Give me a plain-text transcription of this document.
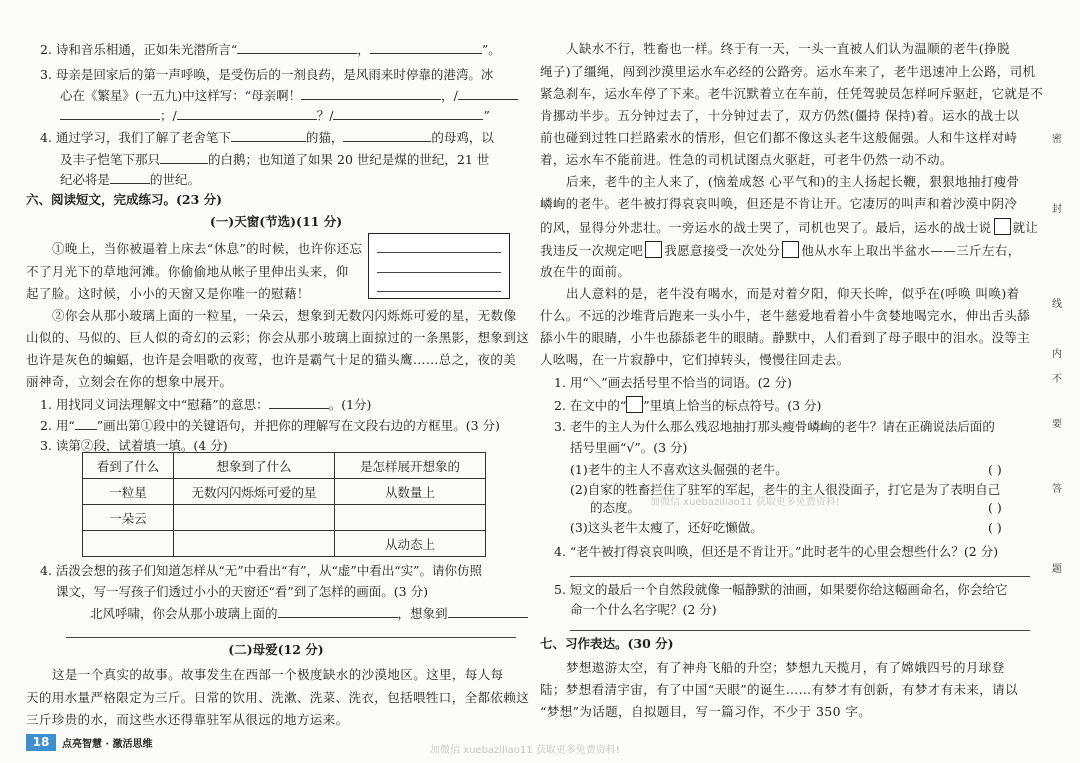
2. 诗和音乐相通，正如朱光潜所言“	，	”。
3. 母亲是回家后的第一声呼唤，是受伤后的一剂良药，是风雨来时停靠的港湾。冰
心在《繁星》(一五九)中这样写：“母亲啊！	，/
；/	？/	”
4. 通过学习，我们了解了老舍笔下	的猫，	的母鸡，以
及丰子恺笔下那只	的白鹅；也知道了如果 20 世纪是煤的世纪，21 世
纪必将是	的世纪。
六、阅读短文，完成练习。(23 分)
(一)天窗(节选)(11 分)
①晚上，当你被逼着上床去“休息”的时候，也许你还忘
不了月光下的草地河滩。你偷偷地从帐子里伸出头来，仰
起了脸。这时候，小小的天窗又是你唯一的慰藉！
②你会从那小玻璃上面的一粒星，一朵云，想象到无数闪闪烁烁可爱的星，无数像
山似的、马似的、巨人似的奇幻的云彩；你会从那小玻璃上面掠过的一条黑影，想象到这
也许是灰色的蝙蝠，也许是会唱歌的夜莺，也许是霸气十足的猫头鹰……总之，夜的美
丽神奇，立刻会在你的想象中展开。
1. 用找同义词法理解文中“慰藉”的意思：	。(1分)
2. 用“ ”画出第①段中的关键语句，并把你的理解写在文段右边的方框里。(3 分)
3. 读第②段，试着填一填。(4 分)
看到了什么	想象到了什么	是怎样展开想象的
一粒星	无数闪闪烁烁可爱的星	从数量上
一朵云		
		从动态上
4. 活泼会想的孩子们知道怎样从“无”中看出“有”，从“虚”中看出“实”。请你仿照
课文，写一写孩子们透过小小的天窗还“看”到了怎样的画面。(3 分)
北风呼啸，你会从那小玻璃上面的	，想象到
(二)母爱(12 分)
这是一个真实的故事。故事发生在西部一个极度缺水的沙漠地区。这里，每人每
天的用水量严格限定为三斤。日常的饮用、洗漱、洗菜、洗衣，包括喂牲口，全都依赖这
三斤珍贵的水，而这些水还得靠驻军从很远的地方运来。
18	点亮智慧 · 激活思维
人缺水不行，牲畜也一样。终于有一天，一头一直被人们认为温顺的老牛(挣脱
绳子)了缰绳，闯到沙漠里运水车必经的公路旁。运水车来了，老牛迅速冲上公路，司机
紧急刹车，运水车停了下来。老牛沉默着立在车前，任凭驾驶员怎样呵斥驱赶，它就是不
肯挪动半步。五分钟过去了，十分钟过去了，双方仍然(僵持 保持)着。运水的战士以
前也碰到过牲口拦路索水的情形，但它们都不像这头老牛这般倔强。人和牛这样对峙
着，运水车不能前进。性急的司机试图点火驱赶，可老牛仍然一动不动。
后来，老牛的主人来了，(恼羞成怒 心平气和)的主人扬起长鞭，狠狠地抽打瘦骨
嶙峋的老牛。老牛被打得哀哀叫唤，但还是不肯让开。它凄厉的叫声和着沙漠中阴冷
的风，显得分外悲壮。一旁运水的战士哭了，司机也哭了。最后，运水的战士说 就让
我违反一次规定吧 我愿意接受一次处分 他从水车上取出半盆水——三斤左右，
放在牛的面前。
出人意料的是，老牛没有喝水，而是对着夕阳，仰天长哞，似乎在(呼唤 叫唤)着
什么。不远的沙堆背后跑来一头小牛，老牛慈爱地看着小牛贪婪地喝完水，伸出舌头舔
舔小牛的眼睛，小牛也舔舔老牛的眼睛。静默中，人们看到了母子眼中的泪水。没等主
人吆喝，在一片寂静中，它们掉转头，慢慢往回走去。
1. 用“＼”画去括号里不恰当的词语。(2 分)
2. 在文中的“ ”里填上恰当的标点符号。(3 分)
3. 老牛的主人为什么那么残忍地抽打那头瘦骨嶙峋的老牛？请在正确说法后面的
括号里画“√”。(3 分)
(1)老牛的主人不喜欢这头倔强的老牛。	( )
(2)自家的牲畜拦住了驻军的军起，老牛的主人很没面子，打它是为了表明自己
的态度。	( )
(3)这头老牛太瘦了，还好吃懒做。	( )
4. “老牛被打得哀哀叫唤，但还是不肯让开。”此时老牛的心里会想些什么？(2 分)
5. 短文的最后一个自然段就像一幅静默的油画，如果要你给这幅画命名，你会给它
命一个什么名字呢？(2 分)
七、习作表达。(30 分)
梦想遨游太空，有了神舟飞船的升空；梦想九天揽月，有了嫦娥四号的月球登
陆；梦想看清宇宙，有了中国“天眼”的诞生……有梦才有创新，有梦才有未来，请以
“梦想”为话题，自拟题目，写一篇习作，不少于 350 字。
密
封
线
内
不
要
答
题
加微信 xuebaziliao11 获取更多免费资料!
加微信 xuebaziliao11 获取更多免费资料!
